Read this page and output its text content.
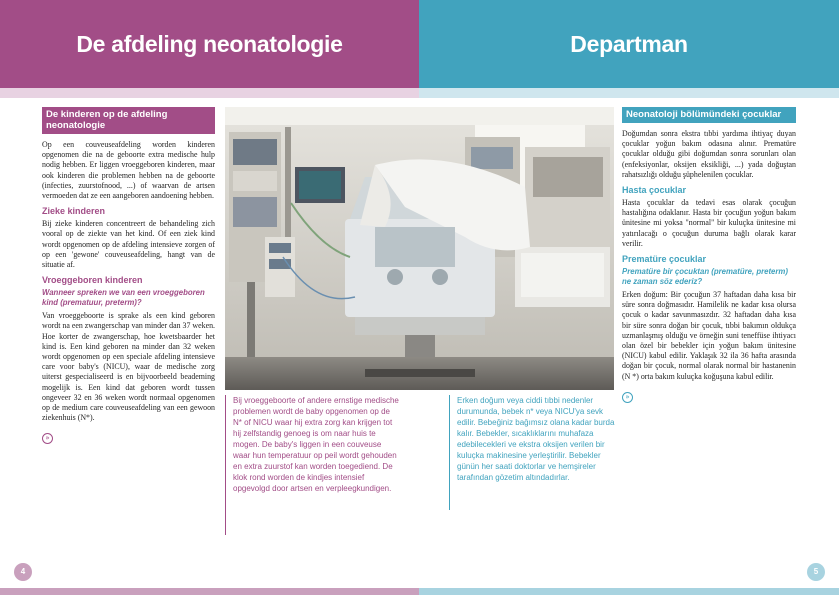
De afdeling neonatologie	Departman
De kinderen op de afdeling neonatologie

Op een couveuseafdeling worden kinderen opgenomen die na de geboorte extra medische hulp nodig hebben. Er liggen vroeggeboren kinderen, maar ook kinderen die problemen hebben na de geboorte (infecties, zuurstofnood, ...) of waarvan de artsen vermoeden dat ze een aangeboren aandoening hebben.

Zieke kinderen

Bij zieke kinderen concentreert de behandeling zich vooral op de ziekte van het kind. Of een ziek kind wordt opgenomen op de afdeling intensieve zorgen of op een 'gewone' couveuseafdeling, hangt van de situatie af.

Vroeggeboren kinderen
Wanneer spreken we van een vroeggeboren kind (prematuur, preterm)?

Van vroeggeboorte is sprake als een kind geboren wordt na een zwangerschap van minder dan 37 weken. Hoe korter de zwangerschap, hoe kwetsbaarder het kind is. Een kind geboren na minder dan 32 weken wordt opgenomen op een speciale afdeling intensieve care voor baby's (NICU), waar de medische zorg uiterst gespecialiseerd is en bijvoorbeeld beademing mogelijk is. Een kind dat geboren wordt tussen ongeveer 32 en 36 weken wordt normaal opgenomen op de medium care couveuseafdeling van een gewoon ziekenhuis (N*).

»
Bij vroeggeboorte of andere ernstige medische problemen wordt de baby opgenomen op de N* of NICU waar hij extra zorg kan krijgen tot hij zelfstandig genoeg is om naar huis te mogen. De baby's liggen in een couveuse waar hun temperatuur op peil wordt gehouden en extra zuurstof kan worden toegediend. De klok rond worden de kindjes intensief opgevolgd door artsen en verpleegkundigen.
Erken doğum veya ciddi tıbbi nedenler durumunda, bebek n* veya NICU'ya sevk edilir. Bebeğiniz bağımsız olana kadar burda kalır. Bebekler, sıcaklıklarını muhafaza edebilecekleri ve ekstra oksijen verilen bir kuluçka makinesine yerleştirilir. Bebekler günün her saati doktorlar ve hemşireler tarafından gözetim altındadırlar.
Neonatoloji bölümündeki çocuklar

Doğumdan sonra ekstra tıbbi yardıma ihtiyaç duyan çocuklar yoğun bakım odasına alınır. Prematüre çocuklar olduğu gibi doğumdan sonra sorunları olan (enfeksiyonlar, oksijen eksikliği, ...) yada doğuştan rahatsızlığı olduğu şüphelenilen çocuklar.

Hasta çocuklar

Hasta çocuklar da tedavi esas olarak çocuğun hastalığına odaklanır. Hasta bir çocuğun yoğun bakım ünitesine mi yoksa "normal" bir kuluçka ünitesine mi yatırılacağı o çocuğun duruma bağlı olarak karar verilir.

Prematüre çocuklar
Prematüre bir çocuktan (prematüre, preterm) ne zaman söz ederiz?

Erken doğum: Bir çocuğun 37 haftadan daha kısa bir süre sonra doğmasıdır. Hamilelik ne kadar kısa olursa çocuk o kadar savunmasızdır. 32 haftadan daha kısa bir süre sonra doğan bir çocuk, tıbbi bakımın oldukça uzmanlaşmış olduğu ve örneğin suni teneffüse ihtiyacı olan özel bir bebekler için yoğun bakım ünitesine (NICU) kabul edilir. Yaklaşık 32 ila 36 hafta arasında doğan bir çocuk, normal olarak normal bir hastanenin (N *) orta bakım kuluçka koğuşuna kabul edilir.

»
4	5
